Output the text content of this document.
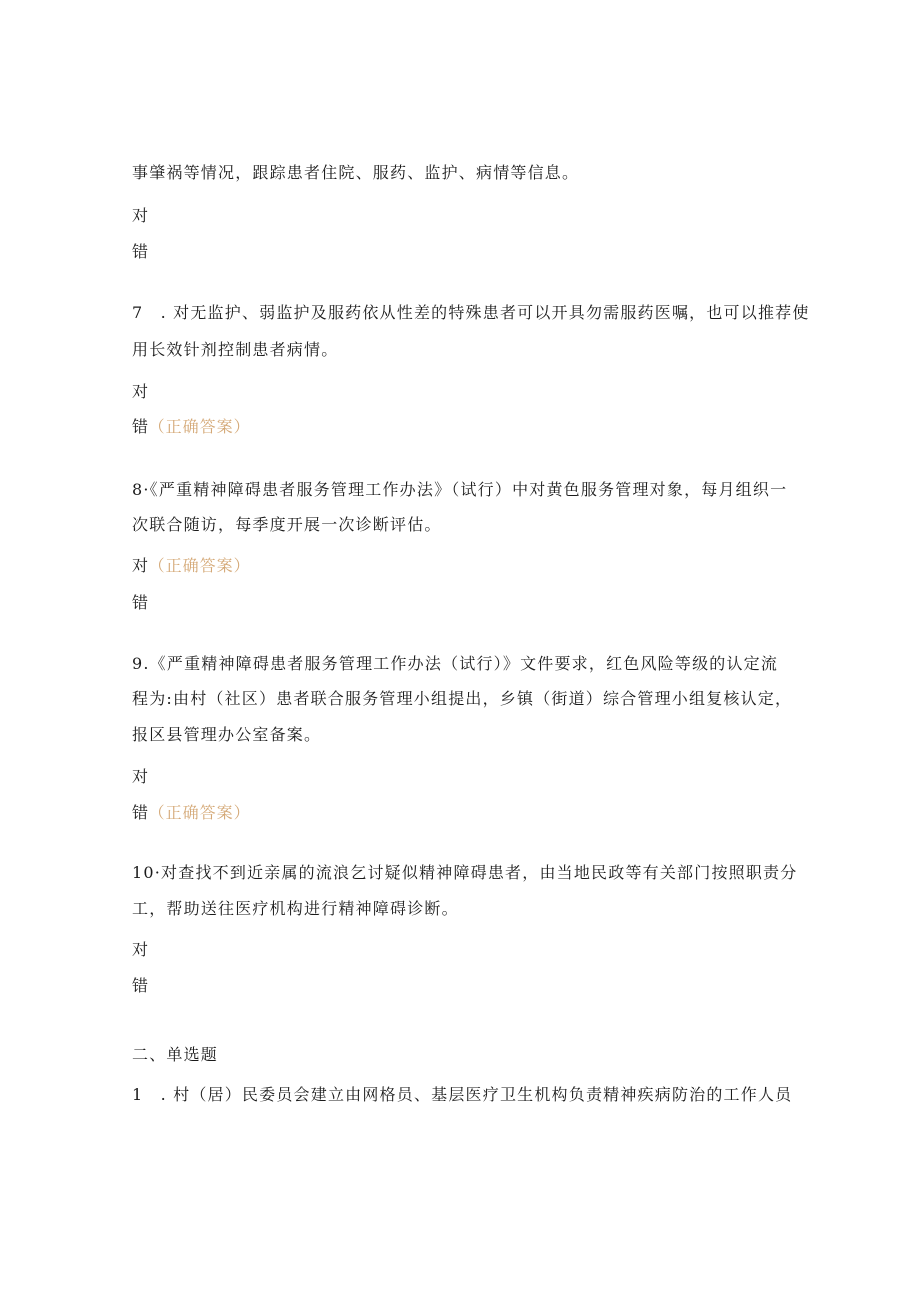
事肇祸等情况，跟踪患者住院、服药、监护、病情等信息。
对
错
7　. 对无监护、弱监护及服药依从性差的特殊患者可以开具勿需服药医嘱，也可以推荐使
用长效针剂控制患者病情。
对
错（正确答案）
8·《严重精神障碍患者服务管理工作办法》（试行）中对黄色服务管理对象，每月组织一
次联合随访，每季度开展一次诊断评估。
对（正确答案）
错
9.《严重精神障碍患者服务管理工作办法（试行）》文件要求，红色风险等级的认定流
程为:由村（社区）患者联合服务管理小组提出，乡镇（街道）综合管理小组复核认定，
报区县管理办公室备案。
对
错（正确答案）
10·对查找不到近亲属的流浪乞讨疑似精神障碍患者，由当地民政等有关部门按照职责分
工，帮助送往医疗机构进行精神障碍诊断。
对
错
二、单选题
1　. 村（居）民委员会建立由网格员、基层医疗卫生机构负责精神疾病防治的工作人员
